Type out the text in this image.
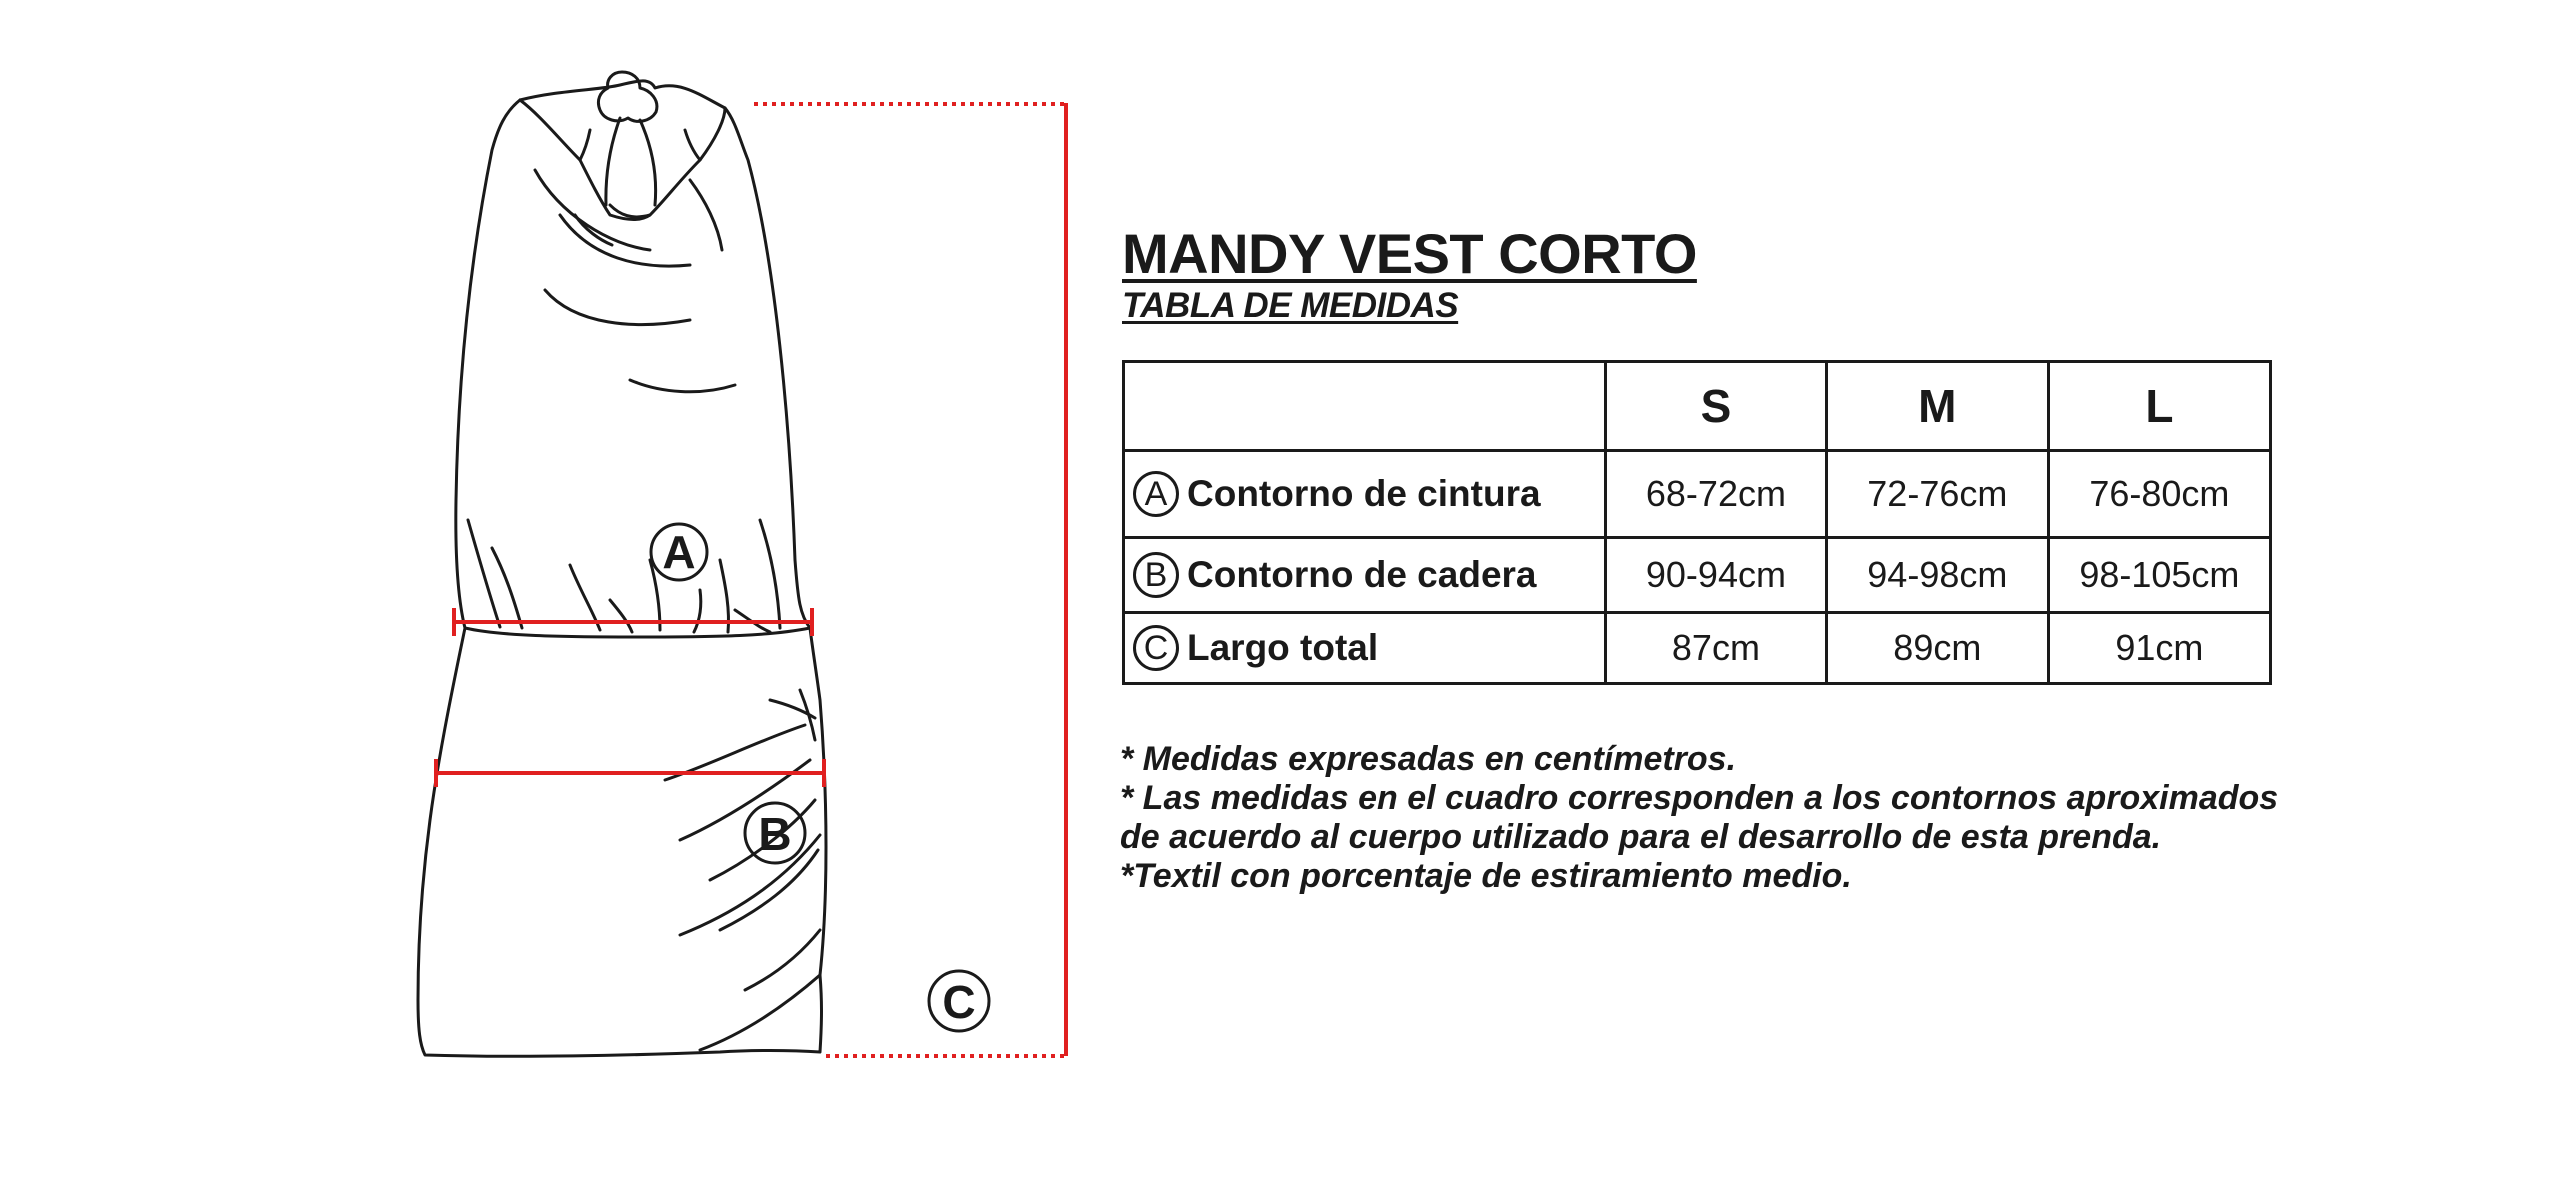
A
B
C
MANDY VEST CORTO
TABLA DE MEDIDAS
	S	M	L
A Contorno de cintura	68-72cm	72-76cm	76-80cm
B Contorno de cadera	90-94cm	94-98cm	98-105cm
C Largo total	87cm	89cm	91cm

* Medidas expresadas en centímetros.

* Las medidas en el cuadro corresponden a los contornos aproximados de acuerdo al cuerpo utilizado para el desarrollo de esta prenda.

*Textil con porcentaje de estiramiento medio.
